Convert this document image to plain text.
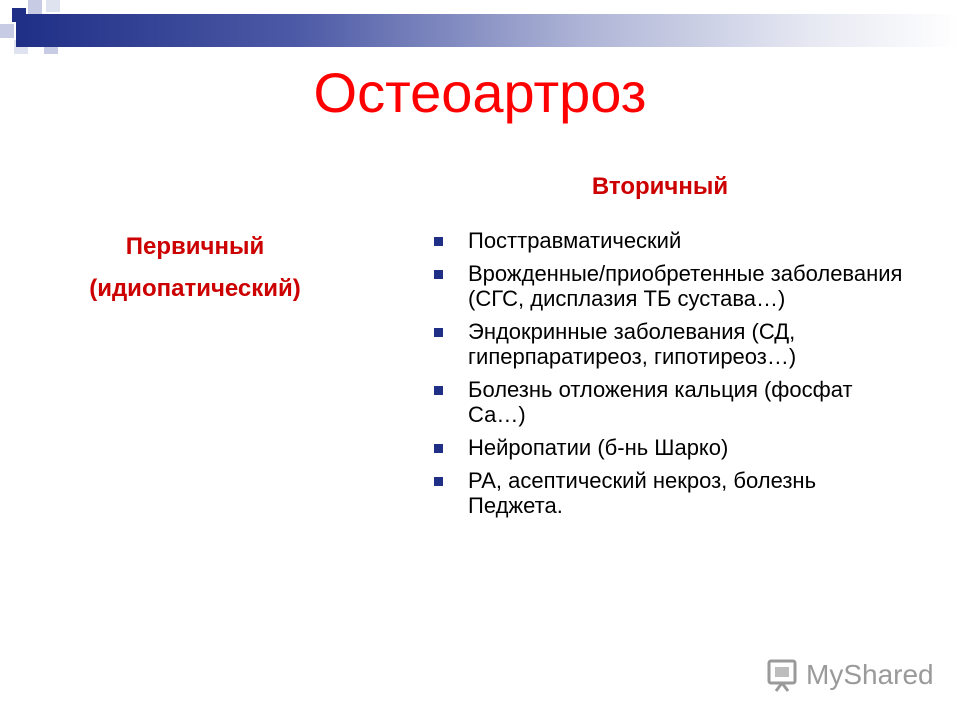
Остеоартроз
Первичный
(идиопатический)
Вторичный
Посттравматический
Врожденные/приобретенные заболевания (СГС, дисплазия ТБ сустава…)
Эндокринные заболевания (СД, гиперпаратиреоз, гипотиреоз…)
Болезнь отложения кальция (фосфат Са…)
Нейропатии (б-нь Шарко)
РА, асептический некроз, болезнь Педжета.
MyShared
